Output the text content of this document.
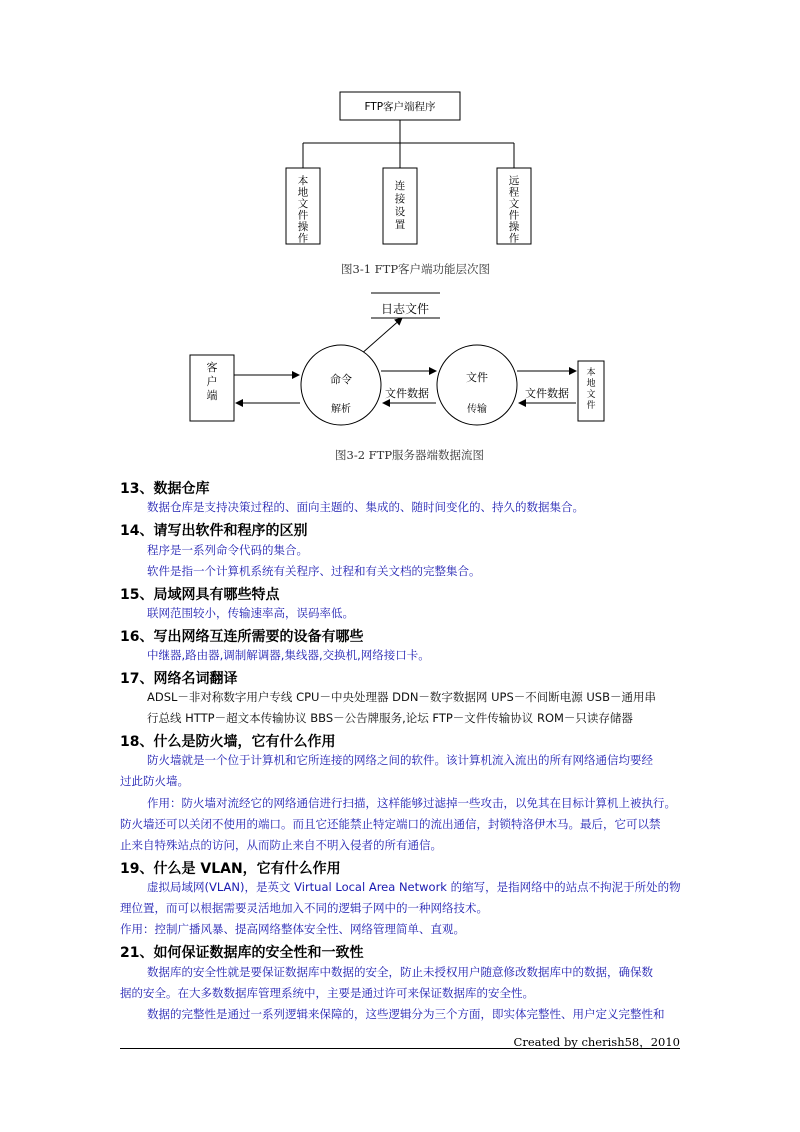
FTP客户端程序
本地文件操作
连接设置
远程文件操作
图3-1 FTP客户端功能层次图
日志文件
客户端
命令
解析
文件
传输
本地文件
文件数据	文件数据
图3-2 FTP服务器端数据流图
13、数据仓库
数据仓库是支持决策过程的、面向主题的、集成的、随时间变化的、持久的数据集合。
14、请写出软件和程序的区别
程序是一系列命令代码的集合。
软件是指一个计算机系统有关程序、过程和有关文档的完整集合。
15、局域网具有哪些特点
联网范围较小，传输速率高，误码率低。
16、写出网络互连所需要的设备有哪些
中继器,路由器,调制解调器,集线器,交换机,网络接口卡。
17、网络名词翻译
ADSL－非对称数字用户专线 CPU－中央处理器 DDN－数字数据网 UPS－不间断电源 USB－通用串
行总线 HTTP－超文本传输协议 BBS－公告牌服务,论坛 FTP－文件传输协议 ROM－只读存储器
18、什么是防火墙，它有什么作用
防火墙就是一个位于计算机和它所连接的网络之间的软件。该计算机流入流出的所有网络通信均要经
过此防火墙。
作用：防火墙对流经它的网络通信进行扫描，这样能够过滤掉一些攻击，以免其在目标计算机上被执行。
防火墙还可以关闭不使用的端口。而且它还能禁止特定端口的流出通信，封锁特洛伊木马。最后，它可以禁
止来自特殊站点的访问，从而防止来自不明入侵者的所有通信。
19、什么是 VLAN，它有什么作用
虚拟局域网(VLAN)，是英文 Virtual Local Area Network 的缩写，是指网络中的站点不拘泥于所处的物
理位置，而可以根据需要灵活地加入不同的逻辑子网中的一种网络技术。
作用：控制广播风暴、提高网络整体安全性、网络管理简单、直观。
21、如何保证数据库的安全性和一致性
数据库的安全性就是要保证数据库中数据的安全，防止未授权用户随意修改数据库中的数据，确保数
据的安全。在大多数数据库管理系统中，主要是通过许可来保证数据库的安全性。
数据的完整性是通过一系列逻辑来保障的，这些逻辑分为三个方面，即实体完整性、用户定义完整性和
Created by cherish58，2010
